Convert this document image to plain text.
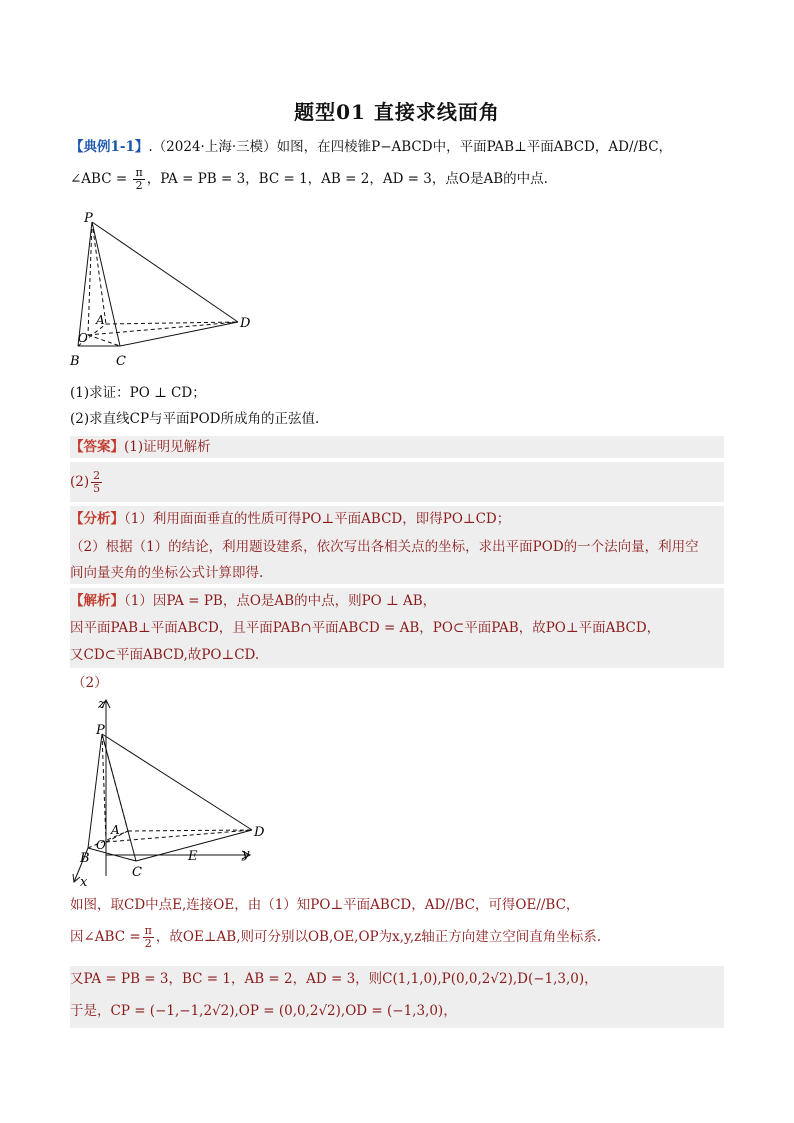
题型01 直接求线面角
【典例1-1】.（2024·上海·三模）如图，在四棱锥P−ABCD中，平面PAB⊥平面ABCD，AD//BC，
∠ABC = $\frac{\pi}{2}$ ，PA = PB = 3，BC = 1，AB = 2，AD = 3，点O是AB的中点.
P
A
O
B	C
D
(1)求证：PO ⊥ CD；
(2)求直线CP与平面POD所成角的正弦值.
【答案】(1)证明见解析
$(2) \frac{2}{5}$
【分析】（1）利用面面垂直的性质可得PO⊥平面ABCD，即得PO⊥CD；
（2）根据（1）的结论，利用题设建系，依次写出各相关点的坐标，求出平面POD的一个法向量，利用空
间向量夹角的坐标公式计算即得.
【解析】（1）因PA = PB，点O是AB的中点，则PO ⊥ AB，
因平面PAB⊥平面ABCD，且平面PAB∩平面ABCD = AB，PO⊂平面PAB，故PO⊥平面ABCD，
又CD⊂平面ABCD,故PO⊥CD.
（2）
z
P
A
O
B
C
D
E	y
x
如图，取CD中点E,连接OE，由（1）知PO⊥平面ABCD，AD//BC，可得OE//BC，
因∠ABC = $\frac{\pi}{2}$ ，故OE⊥AB,则可分别以OB,OE,OP为x,y,z轴正方向建立空间直角坐标系.
又PA = PB = 3，BC = 1，AB = 2，AD = 3，则C(1,1,0),P(0,0,2√2),D(−1,3,0)，
于是，CP = (−1,−1,2√2),OP = (0,0,2√2),OD = (−1,3,0)，
